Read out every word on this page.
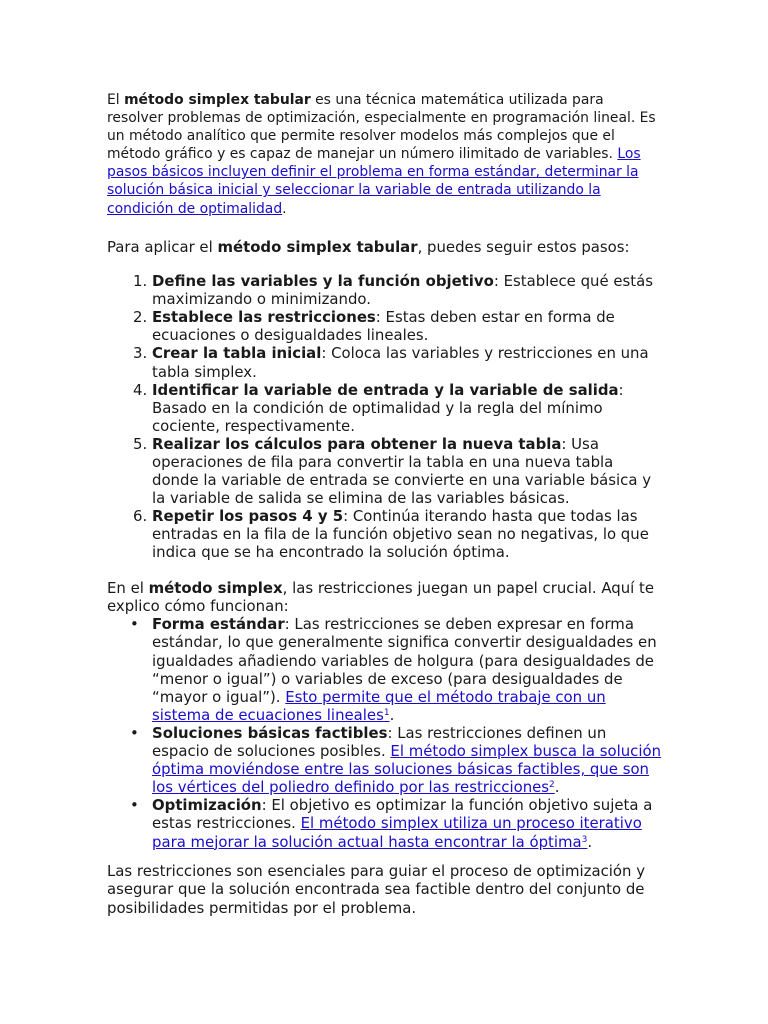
El método simplex tabular es una técnica matemática utilizada para resolver problemas de optimización, especialmente en programación lineal. Es un método analítico que permite resolver modelos más complejos que el método gráfico y es capaz de manejar un número ilimitado de variables. Los pasos básicos incluyen definir el problema en forma estándar, determinar la solución básica inicial y seleccionar la variable de entrada utilizando la condición de optimalidad.

Para aplicar el método simplex tabular, puedes seguir estos pasos:

1. Define las variables y la función objetivo: Establece qué estás maximizando o minimizando.
2. Establece las restricciones: Estas deben estar en forma de ecuaciones o desigualdades lineales.
3. Crear la tabla inicial: Coloca las variables y restricciones en una tabla simplex.
4. Identificar la variable de entrada y la variable de salida: Basado en la condición de optimalidad y la regla del mínimo cociente, respectivamente.
5. Realizar los cálculos para obtener la nueva tabla: Usa operaciones de fila para convertir la tabla en una nueva tabla donde la variable de entrada se convierte en una variable básica y la variable de salida se elimina de las variables básicas.
6. Repetir los pasos 4 y 5: Continúa iterando hasta que todas las entradas en la fila de la función objetivo sean no negativas, lo que indica que se ha encontrado la solución óptima.

En el método simplex, las restricciones juegan un papel crucial. Aquí te explico cómo funcionan:

• Forma estándar: Las restricciones se deben expresar en forma estándar, lo que generalmente significa convertir desigualdades en igualdades añadiendo variables de holgura (para desigualdades de “menor o igual”) o variables de exceso (para desigualdades de “mayor o igual”). Esto permite que el método trabaje con un sistema de ecuaciones lineales$^1$.
• Soluciones básicas factibles: Las restricciones definen un espacio de soluciones posibles. El método simplex busca la solución óptima moviéndose entre las soluciones básicas factibles, que son los vértices del poliedro definido por las restricciones$^2$.
• Optimización: El objetivo es optimizar la función objetivo sujeta a estas restricciones. El método simplex utiliza un proceso iterativo para mejorar la solución actual hasta encontrar la óptima$^3$.

Las restricciones son esenciales para guiar el proceso de optimización y asegurar que la solución encontrada sea factible dentro del conjunto de posibilidades permitidas por el problema.
